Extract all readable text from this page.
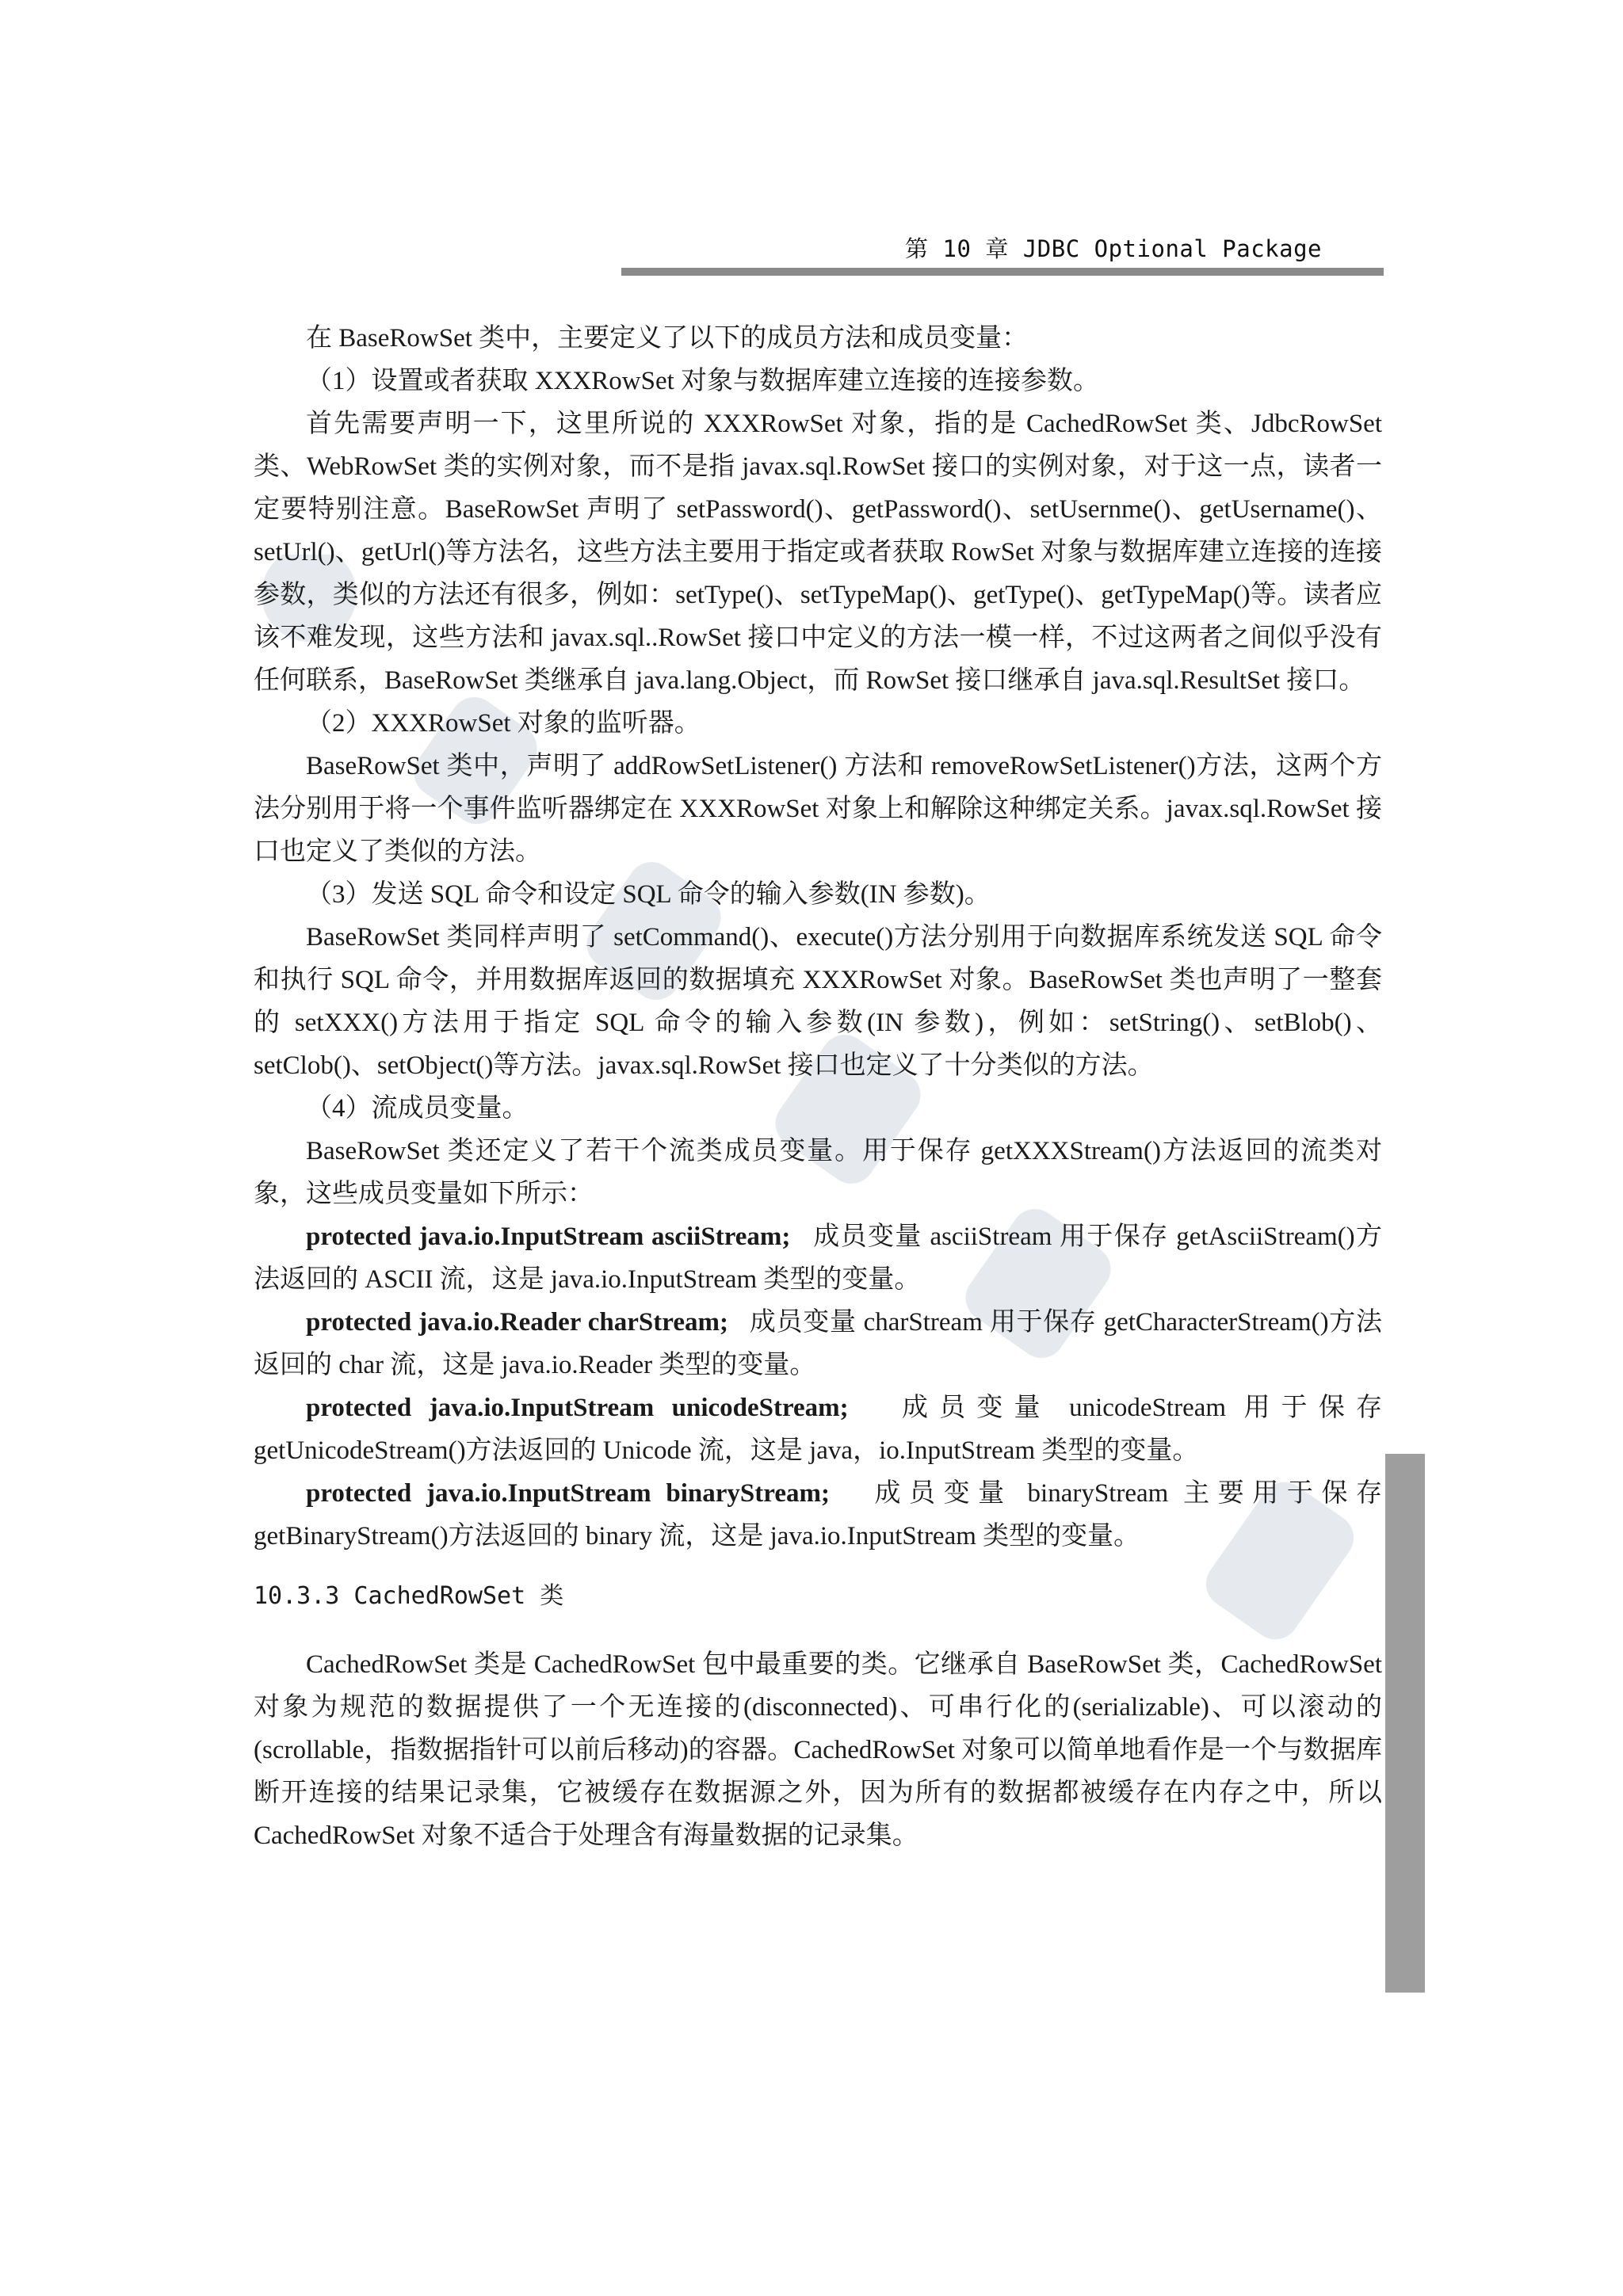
第 10 章 JDBC Optional Package

在 BaseRowSet 类中，主要定义了以下的成员方法和成员变量：

（1）设置或者获取 XXXRowSet 对象与数据库建立连接的连接参数。

首先需要声明一下，这里所说的 XXXRowSet 对象，指的是 CachedRowSet 类、JdbcRowSet 类、WebRowSet 类的实例对象，而不是指 javax.sql.RowSet 接口的实例对象，对于这一点，读者一定要特别注意。BaseRowSet 声明了 setPassword()、getPassword()、setUsernme()、getUsername()、setUrl()、getUrl()等方法名，这些方法主要用于指定或者获取 RowSet 对象与数据库建立连接的连接参数，类似的方法还有很多，例如：setType()、setTypeMap()、getType()、getTypeMap()等。读者应该不难发现，这些方法和 javax.sql..RowSet 接口中定义的方法一模一样，不过这两者之间似乎没有任何联系，BaseRowSet 类继承自 java.lang.Object，而 RowSet 接口继承自 java.sql.ResultSet 接口。

（2）XXXRowSet 对象的监听器。

BaseRowSet 类中，声明了 addRowSetListener() 方法和 removeRowSetListener()方法，这两个方法分别用于将一个事件监听器绑定在 XXXRowSet 对象上和解除这种绑定关系。javax.sql.RowSet 接口也定义了类似的方法。

（3）发送 SQL 命令和设定 SQL 命令的输入参数(IN 参数)。

BaseRowSet 类同样声明了 setCommand()、execute()方法分别用于向数据库系统发送 SQL 命令和执行 SQL 命令，并用数据库返回的数据填充 XXXRowSet 对象。BaseRowSet 类也声明了一整套的 setXXX()方法用于指定 SQL 命令的输入参数(IN 参数)，例如：setString()、setBlob()、setClob()、setObject()等方法。javax.sql.RowSet 接口也定义了十分类似的方法。

（4）流成员变量。

BaseRowSet 类还定义了若干个流类成员变量。用于保存 getXXXStream()方法返回的流类对象，这些成员变量如下所示：

protected java.io.InputStream asciiStream; 成员变量 asciiStream 用于保存 getAsciiStream()方法返回的 ASCII 流，这是 java.io.InputStream 类型的变量。

protected java.io.Reader charStream; 成员变量 charStream 用于保存 getCharacterStream()方法返回的 char 流，这是 java.io.Reader 类型的变量。

protected java.io.InputStream unicodeStream; 成员变量 unicodeStream 用于保存 getUnicodeStream()方法返回的 Unicode 流，这是 java，io.InputStream 类型的变量。

protected java.io.InputStream binaryStream; 成员变量 binaryStream 主要用于保存 getBinaryStream()方法返回的 binary 流，这是 java.io.InputStream 类型的变量。

10.3.3 CachedRowSet 类

CachedRowSet 类是 CachedRowSet 包中最重要的类。它继承自 BaseRowSet 类，CachedRowSet 对象为规范的数据提供了一个无连接的(disconnected)、可串行化的(serializable)、可以滚动的(scrollable，指数据指针可以前后移动)的容器。CachedRowSet 对象可以简单地看作是一个与数据库断开连接的结果记录集，它被缓存在数据源之外，因为所有的数据都被缓存在内存之中，所以 CachedRowSet 对象不适合于处理含有海量数据的记录集。
